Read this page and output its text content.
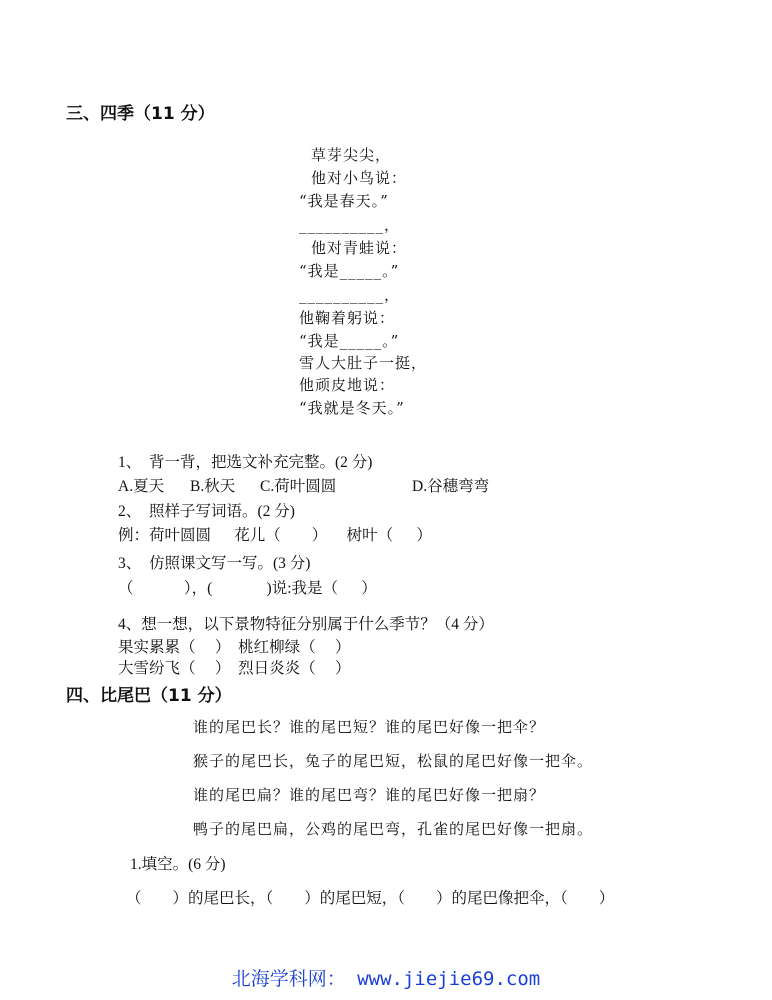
三、四季（11 分）
草芽尖尖，
他对小鸟说：
“我是春天。”
__________，
他对青蛙说：
“我是_____。”
__________，
他鞠着躬说：
“我是_____。”
雪人大肚子一挺，
他顽皮地说：
“我就是冬天。”
1、  背一背，把选文补充完整。(2 分)
A.夏天 B.秋天 C.荷叶圆圆	D.谷穗弯弯
2、  照样子写词语。(2 分)
例：荷叶圆圆      花儿（        ）     树叶（      ）
3、  仿照课文写一写。(3 分)
（             ），(              )说:我是（      ）
4、想一想，以下景物特征分别属于什么季节？（4 分）
果实累累（     ）  桃红柳绿（     ）
大雪纷飞（     ）  烈日炎炎（     ）
四、比尾巴（11 分）
谁的尾巴长？谁的尾巴短？谁的尾巴好像一把伞？
猴子的尾巴长，兔子的尾巴短，松鼠的尾巴好像一把伞。
谁的尾巴扁？谁的尾巴弯？谁的尾巴好像一把扇？
鸭子的尾巴扁，公鸡的尾巴弯，孔雀的尾巴好像一把扇。
1.填空。(6 分)
（        ）的尾巴长，（        ）的尾巴短，（        ）的尾巴像把伞，（        ）
北海学科网： www.jiejie69.com
